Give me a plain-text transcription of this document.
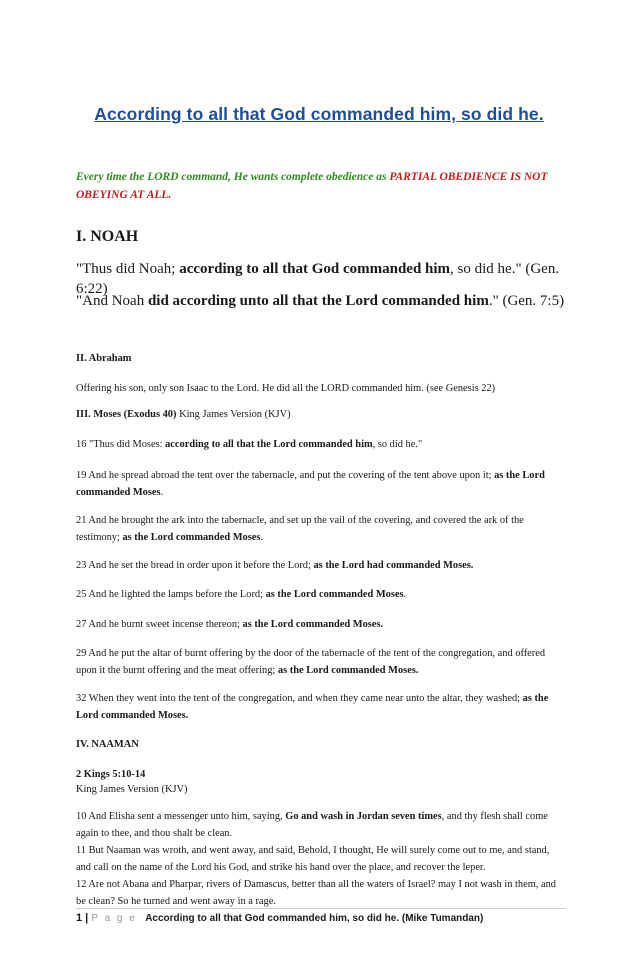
According to all that God commanded him, so did he.
Every time the LORD command, He wants complete obedience as PARTIAL OBEDIENCE IS NOT OBEYING AT ALL.
I. NOAH
"Thus did Noah; according to all that God commanded him, so did he." (Gen. 6:22)
"And Noah did according unto all that the Lord commanded him." (Gen. 7:5)
II. Abraham
Offering his son, only son Isaac to the Lord. He did all the LORD commanded him. (see Genesis 22)
III. Moses (Exodus 40) King James Version (KJV)
16 "Thus did Moses: according to all that the Lord commanded him, so did he."
19 And he spread abroad the tent over the tabernacle, and put the covering of the tent above upon it; as the Lord commanded Moses.
21 And he brought the ark into the tabernacle, and set up the vail of the covering, and covered the ark of the testimony; as the Lord commanded Moses.
23 And he set the bread in order upon it before the Lord; as the Lord had commanded Moses.
25 And he lighted the lamps before the Lord; as the Lord commanded Moses.
27 And he burnt sweet incense thereon; as the Lord commanded Moses.
29 And he put the altar of burnt offering by the door of the tabernacle of the tent of the congregation, and offered upon it the burnt offering and the meat offering; as the Lord commanded Moses.
32 When they went into the tent of the congregation, and when they came near unto the altar, they washed; as the Lord commanded Moses.
IV. NAAMAN
2 Kings 5:10-14
King James Version (KJV)
10 And Elisha sent a messenger unto him, saying, Go and wash in Jordan seven times, and thy flesh shall come again to thee, and thou shalt be clean.
11 But Naaman was wroth, and went away, and said, Behold, I thought, He will surely come out to me, and stand, and call on the name of the Lord his God, and strike his hand over the place, and recover the leper.
12 Are not Abana and Pharpar, rivers of Damascus, better than all the waters of Israel? may I not wash in them, and be clean? So he turned and went away in a rage.
1 | P a g e According to all that God commanded him, so did he. (Mike Tumandan)
